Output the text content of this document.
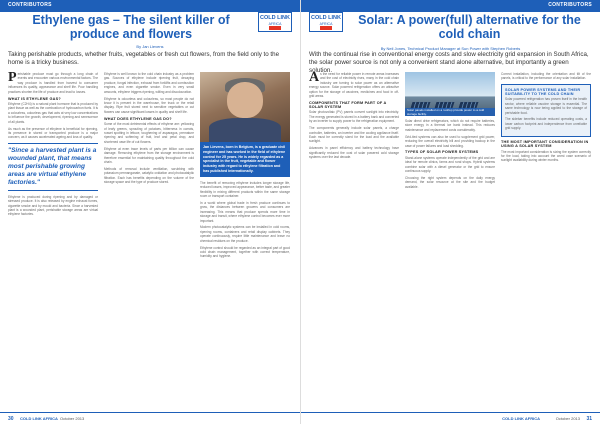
CONTRIBUTORS
COLD LINK
AFRICA
Ethylene gas – The silent killer of produce and flowers
By Jan Lievens
Taking perishable products, whether fruits, vegetables or fresh cut flowers, from the field only to the home is a tricky business.

Perishable produce must go through a long chain of events and encounter various environmental factors. The way produce is handled from harvest to consumer influences its quality, appearance and shelf life. Poor handling practices shorten the life of produce and lead to losses.

WHAT IS ETHYLENE GAS?

Ethylene (C2H4) is a natural plant hormone that is produced by plant tissue as well as the combustion of hydrocarbon fuels. It is a colourless, odourless gas that acts at very low concentrations to influence the growth, development, ripening and senescence of all plants.

As much as the presence of ethylene is beneficial for ripening, its presence in stored or transported produce is a major concern, as it causes accelerated ageing and loss of quality.

"Since a harvested plant is a wounded plant, that means most perishable growing areas are virtual ethylene factories."

Ethylene is produced during ripening and by damaged or stressed produce. It is also released by engine exhaust fumes, cigarette smoke and by mould and bacteria. Since a harvested plant is a wounded plant, perishable storage areas are virtual ethylene factories.

Ethylene is well known to the cold chain industry as a problem gas. Sources of ethylene include ripening fruit, decaying produce, fungal infection, exhaust from forklifts and combustion engines, and even cigarette smoke. Even in very small amounts, ethylene triggers ripening, wilting and discolouration.

Ethylene is odourless and colourless, so most people do not know it is present in the warehouse, the truck or the retail display. Ripe fruit stored next to sensitive vegetables or cut flowers can cause significant losses in quality and shelf life.

WHAT DOES ETHYLENE GAS DO?

Some of the most detrimental effects of ethylene are: yellowing of leafy greens, sprouting of potatoes, bitterness in carrots, russet spotting in lettuce, toughening of asparagus, premature ripening and softening of fruit, leaf and petal drop, and shortened vase life of cut flowers.

Ethylene at even trace levels of parts per billion can cause damage. Removing ethylene from the storage environment is therefore essential for maintaining quality throughout the cold chain.

Methods of removal include ventilation, scrubbing with potassium permanganate, catalytic oxidation and photocatalytic filtration. Each has benefits depending on the volume of the storage space and the type of produce stored.

Jan Lievens, born in Belgium, is a graduate civil engineer and has worked in the field of ethylene control for 25 years. He is widely regarded as a specialist in the fruit, vegetable and flower industry with regard to ethylene filtration and has published internationally.

The benefit of removing ethylene includes longer storage life, reduced losses, improved appearance, better taste, and greater flexibility in mixing different products within the same storage room or transport container.

In a world where global trade in fresh produce continues to grow, the distances between growers and consumers are increasing. This means that produce spends more time in storage and transit, where ethylene control becomes ever more important.

Modern photocatalytic systems can be installed in cold rooms, ripening rooms, containers and retail display cabinets. They operate continuously, require little maintenance and leave no chemical residues on the produce.

Ethylene control should be regarded as an integral part of good cold chain management, together with correct temperature, humidity and hygiene.

30 COLD LINK AFRICA October 2013
CONTRIBUTORS
COLD LINK
AFRICA	Solar: A power(full) alternative for the cold chain
By Neil Jones, Technical Product Manager at Sun Power with Stephen Roberts
With the continual rise in conventional energy costs and slow electricity grid expansion in South Africa, the solar power source is not only a convenient stand alone alternative, but importantly a green solution.

As the need for reliable power in remote areas increases and the cost of electricity rises, many in the cold chain industry are turning to solar power as an alternative energy source. Solar powered refrigeration offers an attractive option for the storage of vaccines, medicines and food in off-grid areas.

COMPONENTS THAT FORM PART OF A SOLAR SYSTEM

Solar photovoltaic (PV) panels convert sunlight into electricity. The energy generated is stored in a battery bank and converted by an inverter to supply power to the refrigeration equipment.

The components generally include solar panels, a charge controller, batteries, an inverter and the cooling appliance itself. Each must be correctly sized for the load and the available sunlight.

Advances in panel efficiency and battery technology have significantly reduced the cost of solar powered cold storage systems over the last decade.

Solar panels installed on a rooftop provide power to a cold storage facility.

Solar direct drive refrigerators, which do not require batteries, store energy in a thermal ice bank instead. This reduces maintenance and replacement costs considerably.

Grid-tied systems can also be used to supplement grid power, reducing the overall electricity bill and providing backup in the case of power failures and load shedding.

TYPES OF SOLAR POWER SYSTEMS

Stand-alone systems operate independently of the grid and are ideal for remote clinics, farms and rural shops. Hybrid systems combine solar with a diesel generator or the grid to ensure continuous supply.

Choosing the right system depends on the daily energy demand, the solar resource at the site and the budget available.

Correct installation, including the orientation and tilt of the panels, is critical to the performance of any solar installation.

SOLAR POWER SYSTEMS AND THEIR SUITABILITY TO THE COLD CHAIN

Solar powered refrigeration has proven itself in the health sector, where reliable vaccine storage is essential. The same technology is now being applied to the storage of perishable food.

The sidebar benefits include reduced operating costs, a lower carbon footprint and independence from unreliable grid supply.

THE MOST IMPORTANT CONSIDERATION IN USING A SOLAR SYSTEM

The most important consideration is sizing the system correctly for the load, taking into account the worst case scenario of sunlight availability during winter months.

COLD LINK AFRICA	October 2013 31
